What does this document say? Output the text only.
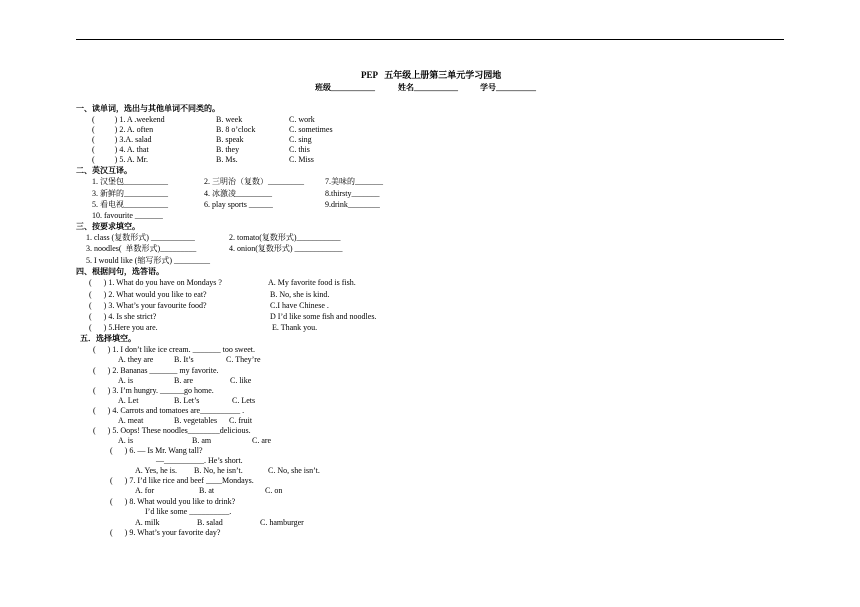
PEP   五年级上册第三单元学习园地
班级___________	姓名___________	学号__________
一、读单词，选出与其他单词不同类的。
(          ) 1. A .weekend	B. week	C. work
(          ) 2. A. often	B. 8 o’clock	C. sometimes
(          ) 3.A. salad	B. speak	C. sing
(          ) 4. A. that	B. they	C. this
(          ) 5. A. Mr.	B. Ms.	C. Miss
二、英汉互译。
1. 汉堡包___________	2. 三明治（复数）_________	7.美味的_______
3. 新鲜的___________	4. 冰激凌_________	8.thirsty_______
5. 看电视___________	6. play sports ______	9.drink________
10. favourite _______
三、按要求填空。
1. class (复数形式) ___________	2. tomato(复数形式)___________
3. noodles(  单数形式)_________	4. onion(复数形式) ____________
5. I would like (缩写形式) _________
四、根据问句，选答语。
(      ) 1. What do you have on Mondays ?	A. My favorite food is fish.
(      ) 2. What would you like to eat?	B. No, she is kind.
(      ) 3. What’s your favourite food?	C.I have Chinese .
(      ) 4. Is she strict?	D I’d like some fish and noodles.
(      ) 5.Here you are.	E. Thank you.
五．选择填空。
(      ) 1. I don’t like ice cream. _______ too sweet.
A. they are	B. It’s	C. They’re
(      ) 2. Bananas _______ my favorite.
A. is	B. are	C. like
(      ) 3. I’m hungry. ______go home.
A. Let	B. Let’s	C. Lets
(      ) 4. Carrots and tomatoes are__________ .
A. meat	B. vegetables C. fruit
(      ) 5. Oops! These noodles________delicious.
A. is	B. am	C. are
(      ) 6. — Is Mr. Wang tall?
—__________. He’s short.
A. Yes, he is. B. No, he isn’t.	C. No, she isn’t.
(      ) 7. I’d like rice and beef ____Mondays.
A. for	B. at	C. on
(      ) 8. What would you like to drink?
I’d like some __________.
A. milk	B. salad	C. hamburger
(      ) 9. What’s your favorite day?
